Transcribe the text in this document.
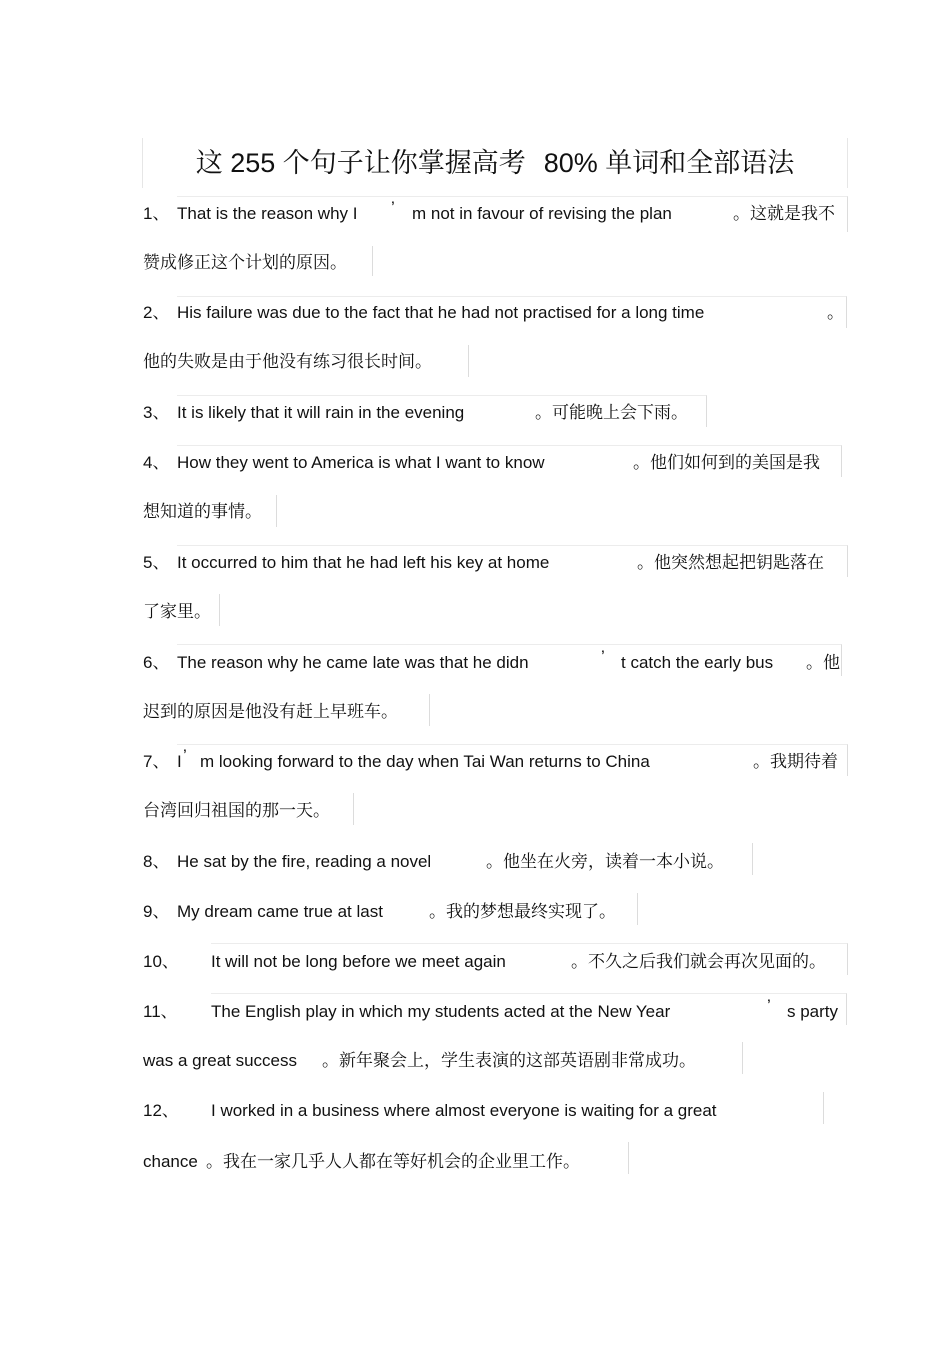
这 255 个句子让你掌握高考 80% 单词和全部语法
1、 That is the reason why I ’ m not in favour of revising the plan	。这就是我不
赞成修正这个计划的原因。
2、 His failure was due to the fact that he had not practised for a long time	。
他的失败是由于他没有练习很长时间。
3、 It is likely that it will rain in the evening	。可能晚上会下雨。
4、 How they went to America is what I want to know	。他们如何到的美国是我
想知道的事情。
5、 It occurred to him that he had left his key at home	。他突然想起把钥匙落在
了家里。
6、 The reason why he came late was that he didn	’ t catch the early bus 。他
迟到的原因是他没有赶上早班车。
7、 I ’ m looking forward to the day when Tai Wan returns to China	。我期待着
台湾回归祖国的那一天。
8、 He sat by the fire, reading a novel	。他坐在火旁，读着一本小说。
9、 My dream came true at last	。我的梦想最终实现了。
10、 It will not be long before we meet again	。不久之后我们就会再次见面的。
11、 The English play in which my students acted at the New Year	’ s party
was a great success 。新年聚会上，学生表演的这部英语剧非常成功。
12、 I worked in a business where almost everyone is waiting for a great
chance 。我在一家几乎人人都在等好机会的企业里工作。
